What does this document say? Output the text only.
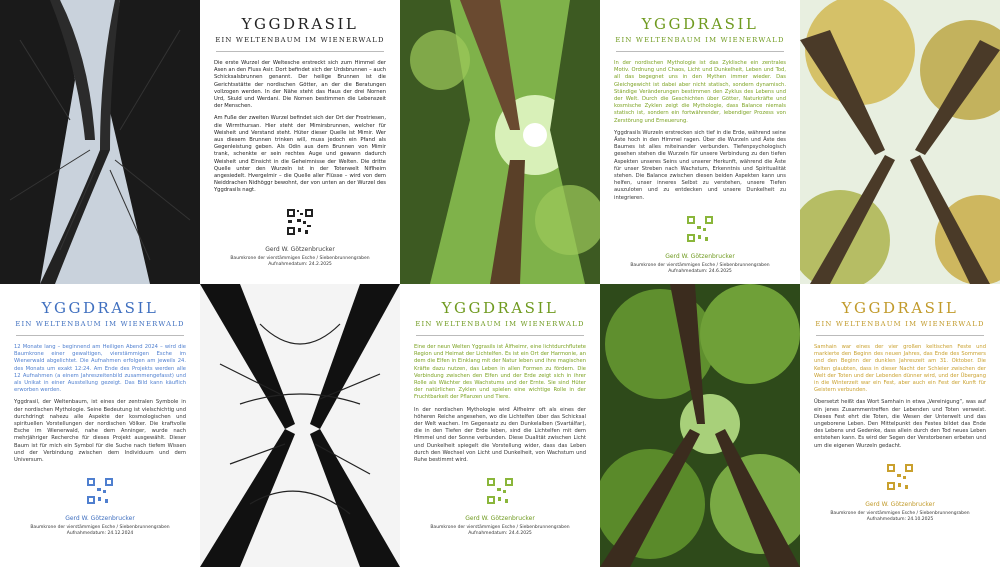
YGGDRASIL
EIN WELTENBAUM IM WIENERWALD
Die erste Wurzel der Weltesche erstreckt sich zum Himmel der Asen an den Fluss Asir. Dort befindet sich der Urdsbrunnen – auch Schicksalsbrunnen genannt. Der heilige Brunnen ist die Gerichtsstätte der nordischen Götter, an der die Beratungen vollzogen werden. In der Nähe steht das Haus der drei Nornen Urd, Skuld und Werdani. Die Nornen bestimmen die Lebenszeit der Menschen.
Am Fuße der zweiten Wurzel befindet sich der Ort der Frostriesen, die Wirmthursan. Hier steht der Mimirsbrunnen, welcher für Weisheit und Verstand steht. Hüter dieser Quelle ist Mimir. Wer aus diesem Brunnen trinken will, muss jedoch ein Pfand als Gegenleistung geben. Als Odin aus dem Brunnen von Mimir trank, schenkte er sein rechtes Auge und gewann dadurch Weisheit und Einsicht in die Geheimnisse der Welten. Die dritte Quelle unter den Wurzeln ist in der Totenwelt Niflheim angesiedelt. Hvergelmir – die Quelle aller Flüsse – wird von dem Neiddrachen Nidhöggr bewohnt, der von unten an der Wurzel des Yggdrasils nagt.
Gerd W. Götzenbrucker
Baumkrone der vierstämmigen Esche / Siebenbrunnengraben
Aufnahmedatum: 24.2.2025
YGGDRASIL
EIN WELTENBAUM IM WIENERWALD
In der nordischen Mythologie ist das Zyklische ein zentrales Motiv. Ordnung und Chaos, Licht und Dunkelheit, Leben und Tod, all das begegnet uns in den Mythen immer wieder. Das Gleichgewicht ist dabei aber nicht statisch, sondern dynamisch. Ständige Veränderungen bestimmen den Zyklus des Lebens und der Welt. Durch die Geschichten über Götter, Naturkräfte und kosmische Zyklen zeigt die Mythologie, dass Balance niemals statisch ist, sondern ein fortwährender, lebendiger Prozess von Zerstörung und Erneuerung.
Yggdrasils Wurzeln erstrecken sich tief in die Erde, während seine Äste hoch in den Himmel ragen. Über die Wurzeln und Äste des Baumes ist alles miteinander verbunden. Tiefenpsychologisch gesehen stehen die Wurzeln für unsere Verbindung zu den tiefen Aspekten unseres Seins und unserer Herkunft, während die Äste für unser Streben nach Wachstum, Erkenntnis und Spiritualität stehen. Die Balance zwischen diesen beiden Aspekten kann uns helfen, unser inneres Selbst zu verstehen, unsere Tiefen auszuloten und zu entdecken und unsere Dunkelheit zu integrieren.
Gerd W. Götzenbrucker
Baumkrone der vierstämmigen Esche / Siebenbrunnengraben
Aufnahmedatum: 24.6.2025
YGGDRASIL
EIN WELTENBAUM IM WIENERWALD
12 Monate lang – beginnend am Heiligen Abend 2024 – wird die Baumkrone einer gewaltigen, vierstämmigen Esche im Wienerwald abgelichtet. Die Aufnahmen erfolgen am jeweils 24. des Monats um exakt 12:24. Am Ende des Projekts werden alle 12 Aufnahmen (a einem Jahreszeitenbild zusammengefasst) und als Unikat in einer Ausstellung gezeigt. Das Bild kann käuflich erworben werden.
Yggdrasil, der Weltenbaum, ist eines der zentralen Symbole in der nordischen Mythologie. Seine Bedeutung ist vielschichtig und durchdringt nahezu alle Aspekte der kosmologischen und spirituellen Vorstellungen der nordischen Völker. Die kraftvolle Esche im Wienerwald, nahe dem Anninger, wurde nach mehrjähriger Recherche für dieses Projekt ausgewählt. Dieser Baum ist für mich ein Symbol für die Suche nach tiefem Wissen und der Verbindung zwischen dem Individuum und dem Universum.
Gerd W. Götzenbrucker
Baumkrone der vierstämmigen Esche / Siebenbrunnengraben
Aufnahmedatum: 24.12.2024
YGGDRASIL
EIN WELTENBAUM IM WIENERWALD
Eine der neun Welten Yggrasils ist Álfheimr, eine lichtdurchflutete Region und Heimat der Lichtelfen. Es ist ein Ort der Harmonie, an dem die Elfen in Einklang mit der Natur leben und ihre magischen Kräfte dazu nutzen, das Leben in allen Formen zu fördern. Die Verbindung zwischen den Elfen und der Erde zeigt sich in ihrer Rolle als Wächter des Wachstums und der Ernte. Sie sind Hüter der natürlichen Zyklen und spielen eine wichtige Rolle in der Fruchtbarkeit der Pflanzen und Tiere.
In der nordischen Mythologie wird Álfheimr oft als eines der höheren Reiche angesehen, wo die Lichtelfen über das Schicksal der Welt wachen. Im Gegensatz zu den Dunkelalben (Svartálfar), die in den Tiefen der Erde leben, sind die Lichtelfen mit dem Himmel und der Sonne verbunden. Diese Dualität zwischen Licht und Dunkelheit spiegelt die Vorstellung wider, dass das Leben durch den Wechsel von Licht und Dunkelheit, von Wachstum und Ruhe bestimmt wird.
Gerd W. Götzenbrucker
Baumkrone der vierstämmigen Esche / Siebenbrunnengraben
Aufnahmedatum: 24.4.2025
YGGDRASIL
EIN WELTENBAUM IM WIENERWALD
Samhain war eines der vier großen keltischen Feste und markierte den Beginn des neuen Jahres, das Ende des Sommers und den Beginn der dunklen Jahreszeit am 31. Oktober. Die Kelten glaubten, dass in dieser Nacht der Schleier zwischen der Welt der Toten und der Lebenden dünner wird, und der Übergang in die Winterzeit war ein Fest, aber auch ein Fest der Kunft für Geistern verbunden.
Übersetzt heißt das Wort Samhain in etwa „Vereinigung“, was auf ein jenes Zusammentreffen der Lebenden und Toten verweist. Dieses Fest ehrt die Toten, die Wesen der Unterwelt und das ungeborene Leben. Den Mittelpunkt des Festes bildet das Ende des Lebens und Gedenke, dass allein durch den Tod neues Leben entstehen kann. Es wird der Segen der Verstorbenen erbeten und um die eigenen Wurzeln gedacht.
Gerd W. Götzenbrucker
Baumkrone der vierstämmigen Esche / Siebenbrunnengraben
Aufnahmedatum: 24.10.2025
